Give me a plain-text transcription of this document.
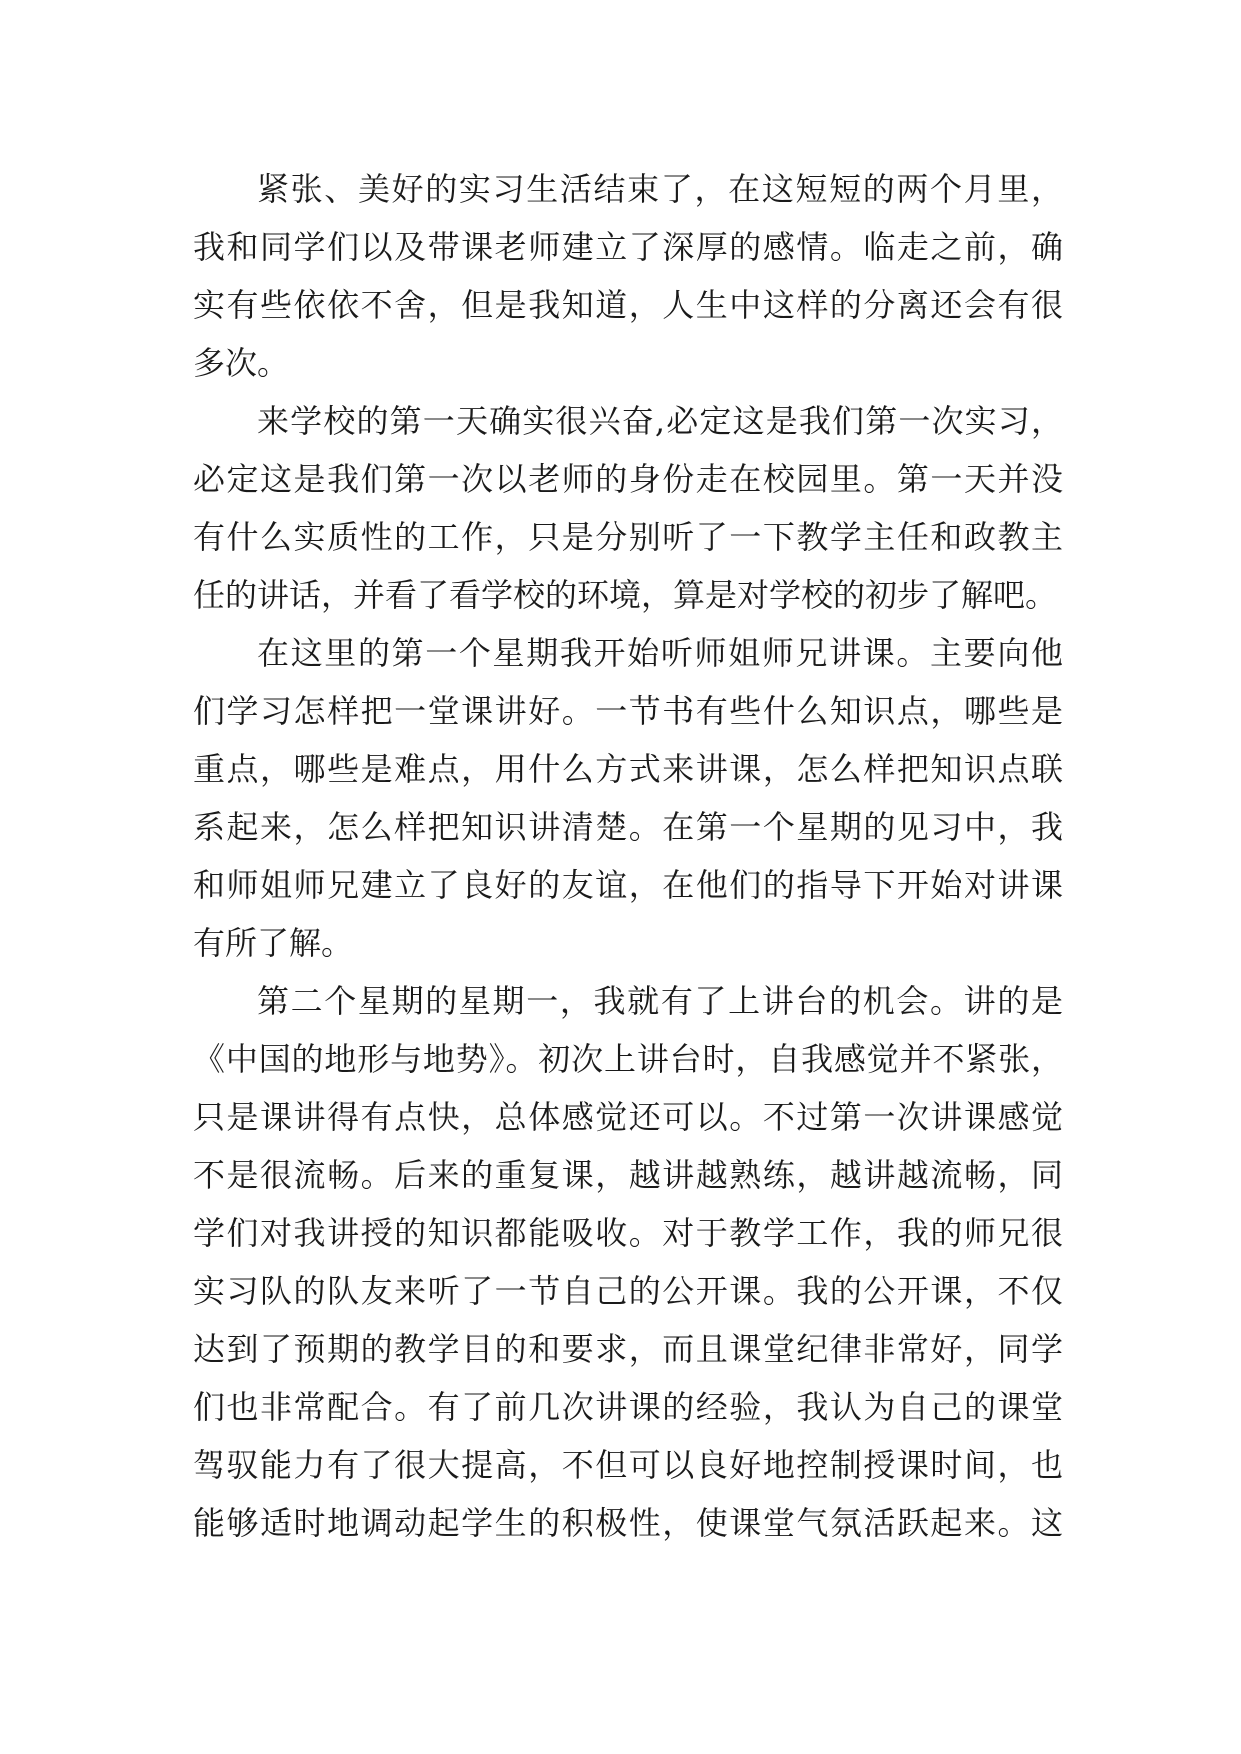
紧张、美好的实习生活结束了，在这短短的两个月里，
我和同学们以及带课老师建立了深厚的感情。临走之前，确
实有些依依不舍，但是我知道，人生中这样的分离还会有很
多次。
来学校的第一天确实很兴奋,必定这是我们第一次实习，
必定这是我们第一次以老师的身份走在校园里。第一天并没
有什么实质性的工作，只是分别听了一下教学主任和政教主
任的讲话，并看了看学校的环境，算是对学校的初步了解吧。
在这里的第一个星期我开始听师姐师兄讲课。主要向他
们学习怎样把一堂课讲好。一节书有些什么知识点，哪些是
重点，哪些是难点，用什么方式来讲课，怎么样把知识点联
系起来，怎么样把知识讲清楚。在第一个星期的见习中，我
和师姐师兄建立了良好的友谊，在他们的指导下开始对讲课
有所了解。
第二个星期的星期一，我就有了上讲台的机会。讲的是
《中国的地形与地势》。初次上讲台时，自我感觉并不紧张，
只是课讲得有点快，总体感觉还可以。不过第一次讲课感觉
不是很流畅。后来的重复课，越讲越熟练，越讲越流畅，同
学们对我讲授的知识都能吸收。对于教学工作，我的师兄很
实习队的队友来听了一节自己的公开课。我的公开课，不仅
达到了预期的教学目的和要求，而且课堂纪律非常好，同学
们也非常配合。有了前几次讲课的经验，我认为自己的课堂
驾驭能力有了很大提高，不但可以良好地控制授课时间，也
能够适时地调动起学生的积极性，使课堂气氛活跃起来。这
